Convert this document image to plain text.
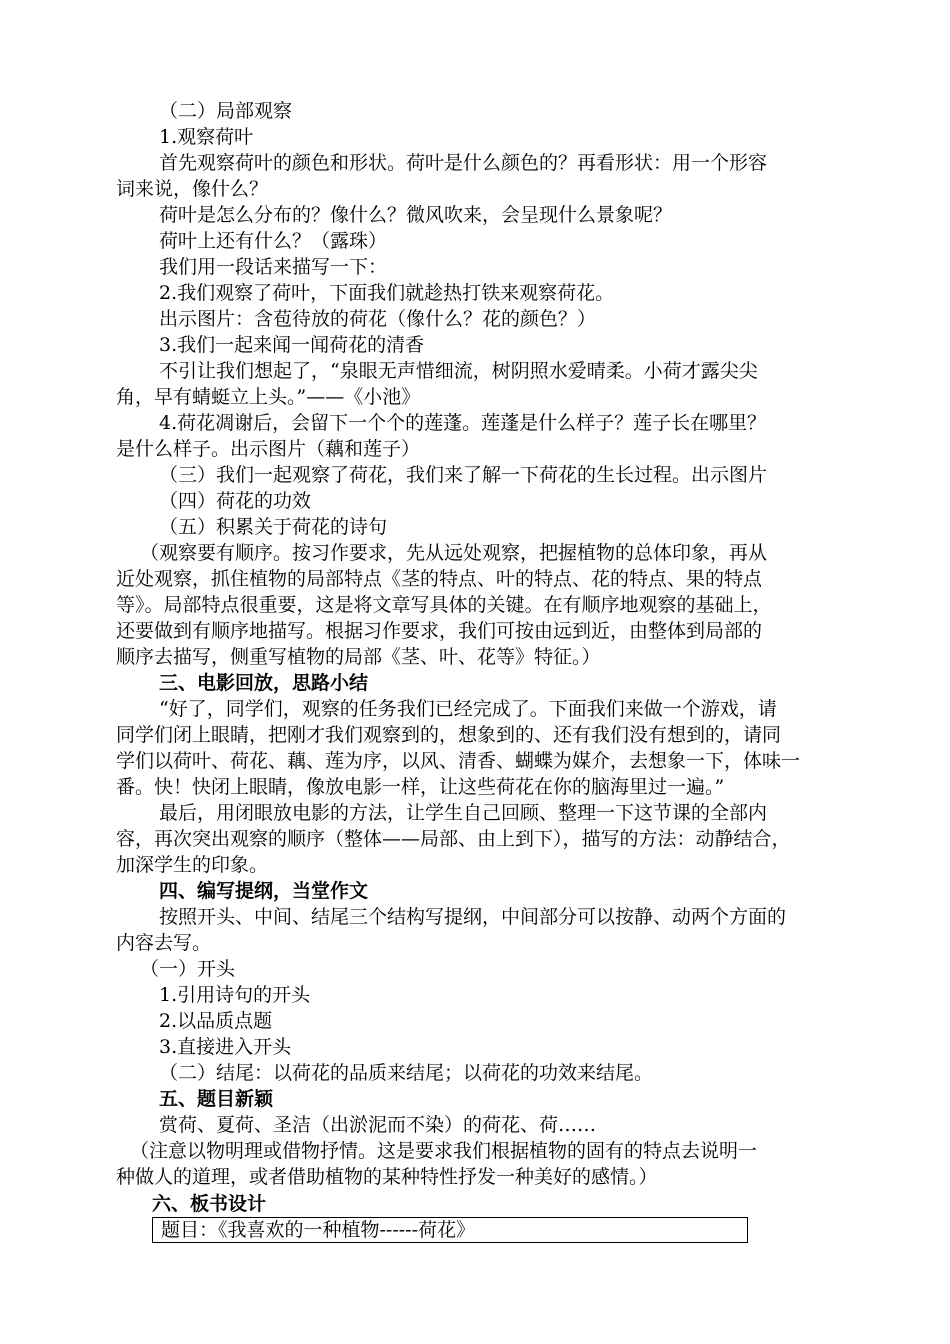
（二）局部观察

1.观察荷叶

首先观察荷叶的颜色和形状。荷叶是什么颜色的？再看形状：用一个形容

词来说，像什么？

荷叶是怎么分布的？像什么？微风吹来，会呈现什么景象呢？

荷叶上还有什么？（露珠）

我们用一段话来描写一下：

2.我们观察了荷叶，下面我们就趁热打铁来观察荷花。

出示图片：含苞待放的荷花（像什么？花的颜色？）

3.我们一起来闻一闻荷花的清香

不引让我们想起了，“泉眼无声惜细流，树阴照水爱晴柔。小荷才露尖尖

角，早有蜻蜓立上头。”——《小池》

4.荷花凋谢后，会留下一个个的莲蓬。莲蓬是什么样子？莲子长在哪里？

是什么样子。出示图片（藕和莲子）

（三）我们一起观察了荷花，我们来了解一下荷花的生长过程。出示图片

（四）荷花的功效

（五）积累关于荷花的诗句

（观察要有顺序。按习作要求，先从远处观察，把握植物的总体印象，再从

近处观察，抓住植物的局部特点《茎的特点、叶的特点、花的特点、果的特点

等》。局部特点很重要，这是将文章写具体的关键。在有顺序地观察的基础上，

还要做到有顺序地描写。根据习作要求，我们可按由远到近，由整体到局部的

顺序去描写，侧重写植物的局部《茎、叶、花等》特征。）

三、电影回放，思路小结

“好了，同学们，观察的任务我们已经完成了。下面我们来做一个游戏，请

同学们闭上眼睛，把刚才我们观察到的，想象到的、还有我们没有想到的，请同

学们以荷叶、荷花、藕、莲为序，以风、清香、蝴蝶为媒介，去想象一下，体味一

番。快！快闭上眼睛，像放电影一样，让这些荷花在你的脑海里过一遍。”

最后，用闭眼放电影的方法，让学生自己回顾、整理一下这节课的全部内

容，再次突出观察的顺序（整体——局部、由上到下），描写的方法：动静结合，

加深学生的印象。

四、编写提纲，当堂作文

按照开头、中间、结尾三个结构写提纲，中间部分可以按静、动两个方面的

内容去写。

（一）开头

1.引用诗句的开头

2.以品质点题

3.直接进入开头

（二）结尾：以荷花的品质来结尾；以荷花的功效来结尾。

五、题目新颖

赏荷、夏荷、圣洁（出淤泥而不染）的荷花、荷……

（注意以物明理或借物抒情。这是要求我们根据植物的固有的特点去说明一

种做人的道理，或者借助植物的某种特性抒发一种美好的感情。）

六、板书设计

题目：《我喜欢的一种植物------荷花》
